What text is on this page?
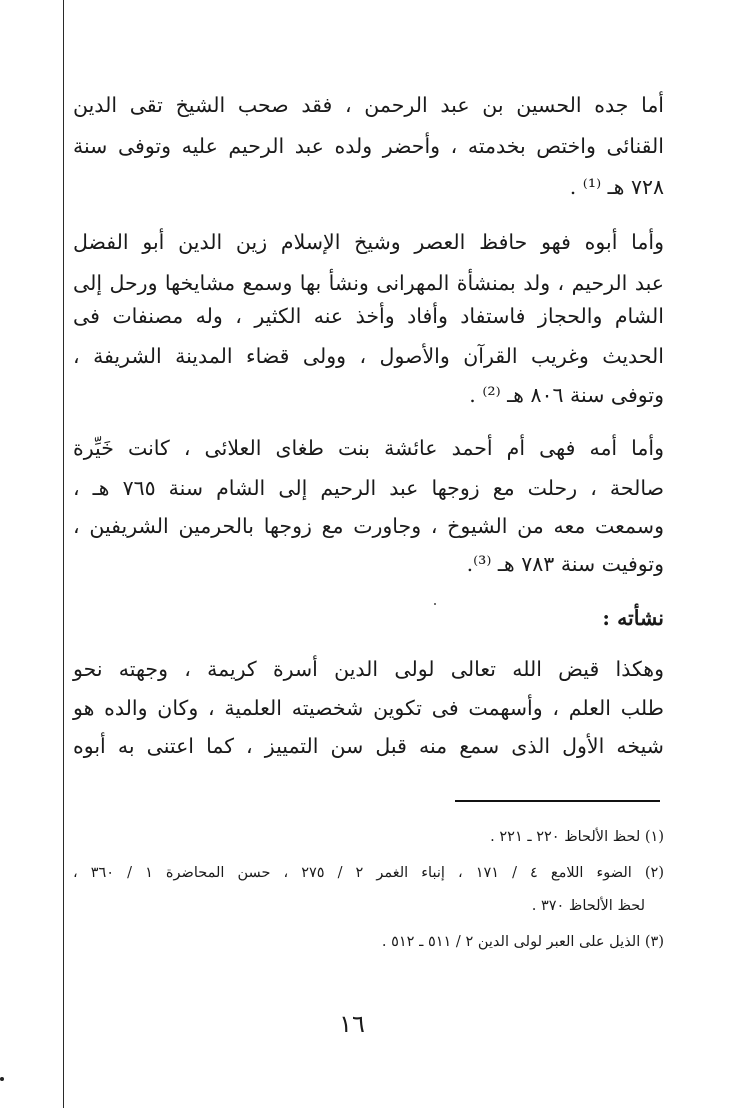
أما جده الحسين بن عبد الرحمن ، فقد صحب الشيخ تقى الدين
القنائى واختص بخدمته ، وأحضر ولده عبد الرحيم عليه وتوفى سنة
٧٢٨ هـ ⁽¹⁾ .
وأما أبوه فهو حافظ العصر وشيخ الإسلام زين الدين أبو الفضل
عبد الرحيم ، ولد بمنشأة المهرانى ونشأ بها وسمع مشايخها ورحل إلى
الشام والحجاز فاستفاد وأفاد وأخذ عنه الكثير ، وله مصنفات فى
الحديث وغريب القرآن والأصول ، وولى قضاء المدينة الشريفة ،
وتوفى سنة ٨٠٦ هـ ⁽²⁾ .
وأما أمه فهى أم أحمد عائشة بنت طغاى العلائى ، كانت خَيِّرة
صالحة ، رحلت مع زوجها عبد الرحيم إلى الشام سنة ٧٦٥ هـ ،
وسمعت معه من الشيوخ ، وجاورت مع زوجها بالحرمين الشريفين ،
وتوفيت سنة ٧٨٣ هـ ⁽³⁾.
نشأته :
وهكذا قيض الله تعالى لولى الدين أسرة كريمة ، وجهته نحو
طلب العلم ، وأسهمت فى تكوين شخصيته العلمية ، وكان والده هو
شيخه الأول الذى سمع منه قبل سن التمييز ، كما اعتنى به أبوه
(١) لحظ الألحاظ ٢٢٠ ـ ٢٢١ .
(٢) الضوء اللامع ٤ / ١٧١ ، إنباء الغمر ٢ / ٢٧٥ ، حسن المحاضرة ١ / ٣٦٠ ،
لحظ الألحاظ ٣٧٠ .
(٣) الذيل على العبر لولى الدين ٢ / ٥١١ ـ ٥١٢ .
١٦
